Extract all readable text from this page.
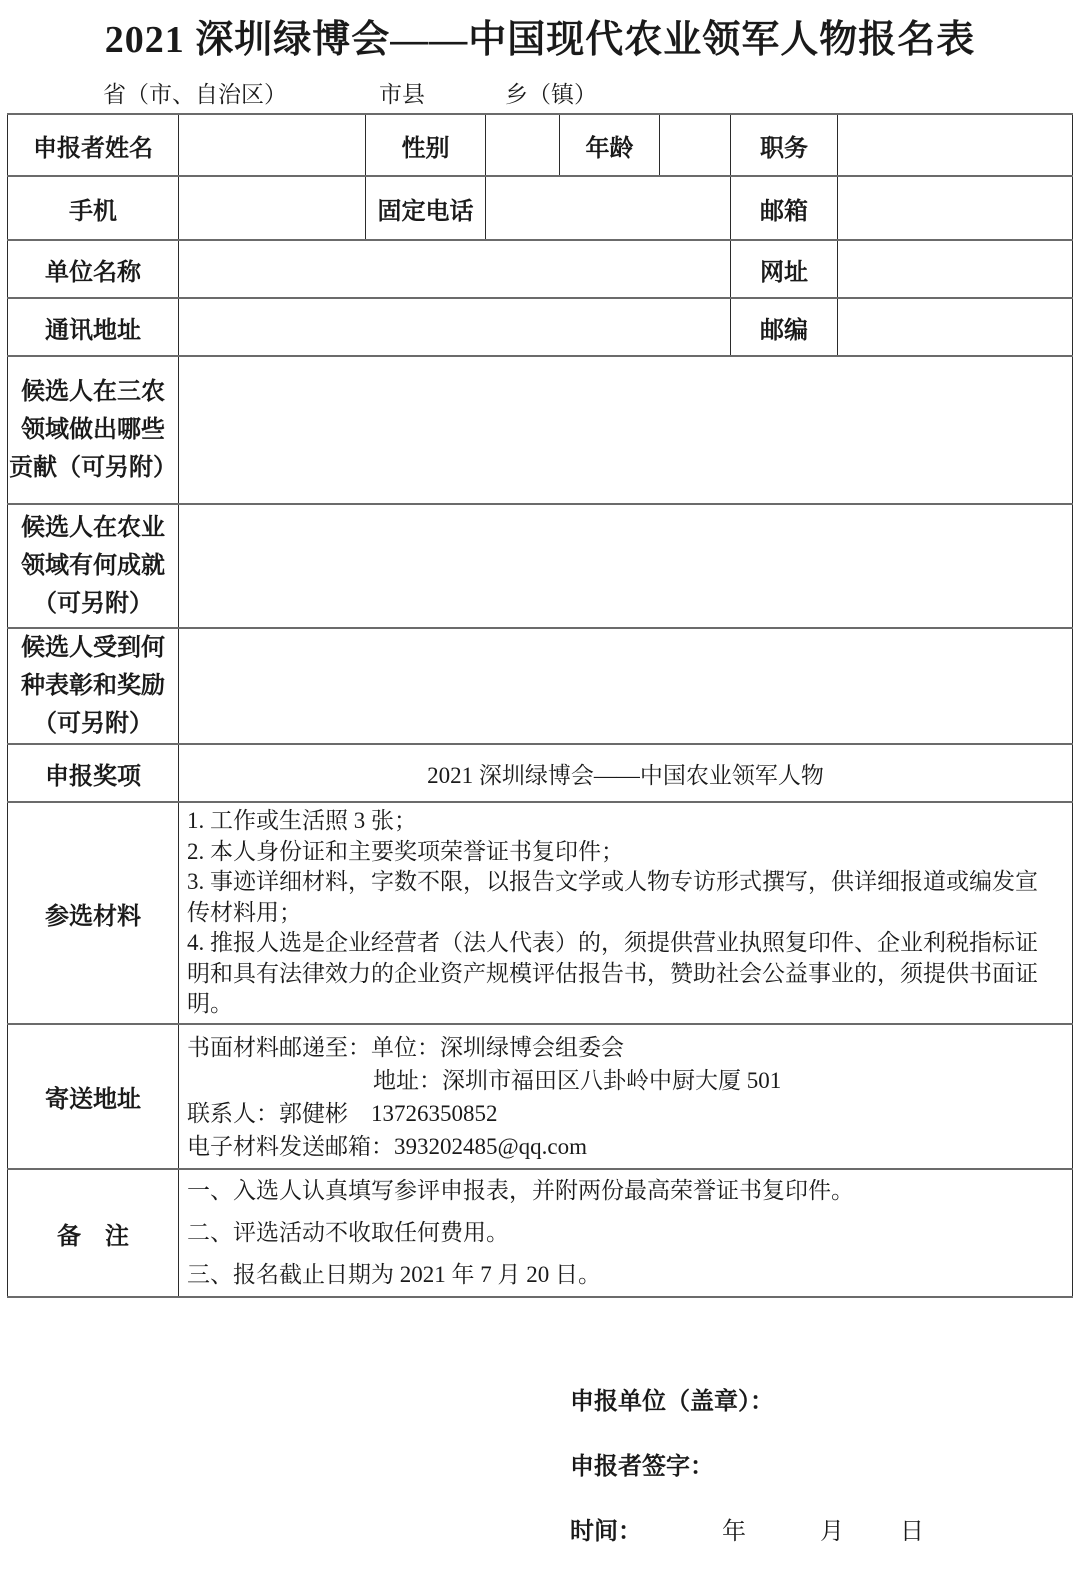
2021 深圳绿博会——中国现代农业领军人物报名表
省（市、自治区）	市县	乡（镇）
申报者姓名		性别		年龄		职务	
手机		固定电话				邮箱	
单位名称						网址	
通讯地址						邮编	

候选人在三农
领域做出哪些
贡献（可另附）							

候选人在农业
领域有何成就
（可另附）							

候选人受到何
种表彰和奖励
（可另附）							

申报奖项	2021 深圳绿博会——中国农业领军人物						
参选材料	
1. 工作或生活照 3 张；
2. 本人身份证和主要奖项荣誉证书复印件；
3. 事迹详细材料，字数不限，以报告文学或人物专访形式撰写，供详细报道或编发宣
传材料用；
4. 推报人选是企业经营者（法人代表）的，须提供营业执照复印件、企业利税指标证
明和具有法律效力的企业资产规模评估报告书，赞助社会公益事业的，须提供书面证
明。

寄送地址	书面材料邮递至：单位：深圳绿博会组委会
地址：深圳市福田区八卦岭中厨大厦 501
联系人：郭健彬　13726350852
电子材料发送邮箱：393202485@qq.com						

备　注	一、入选人认真填写参评申报表，并附两份最高荣誉证书复印件。
二、评选活动不收取任何费用。
三、报名截止日期为 2021 年 7 月 20 日。						
申报单位（盖章）：
申报者签字：
时间：	年	月 日
